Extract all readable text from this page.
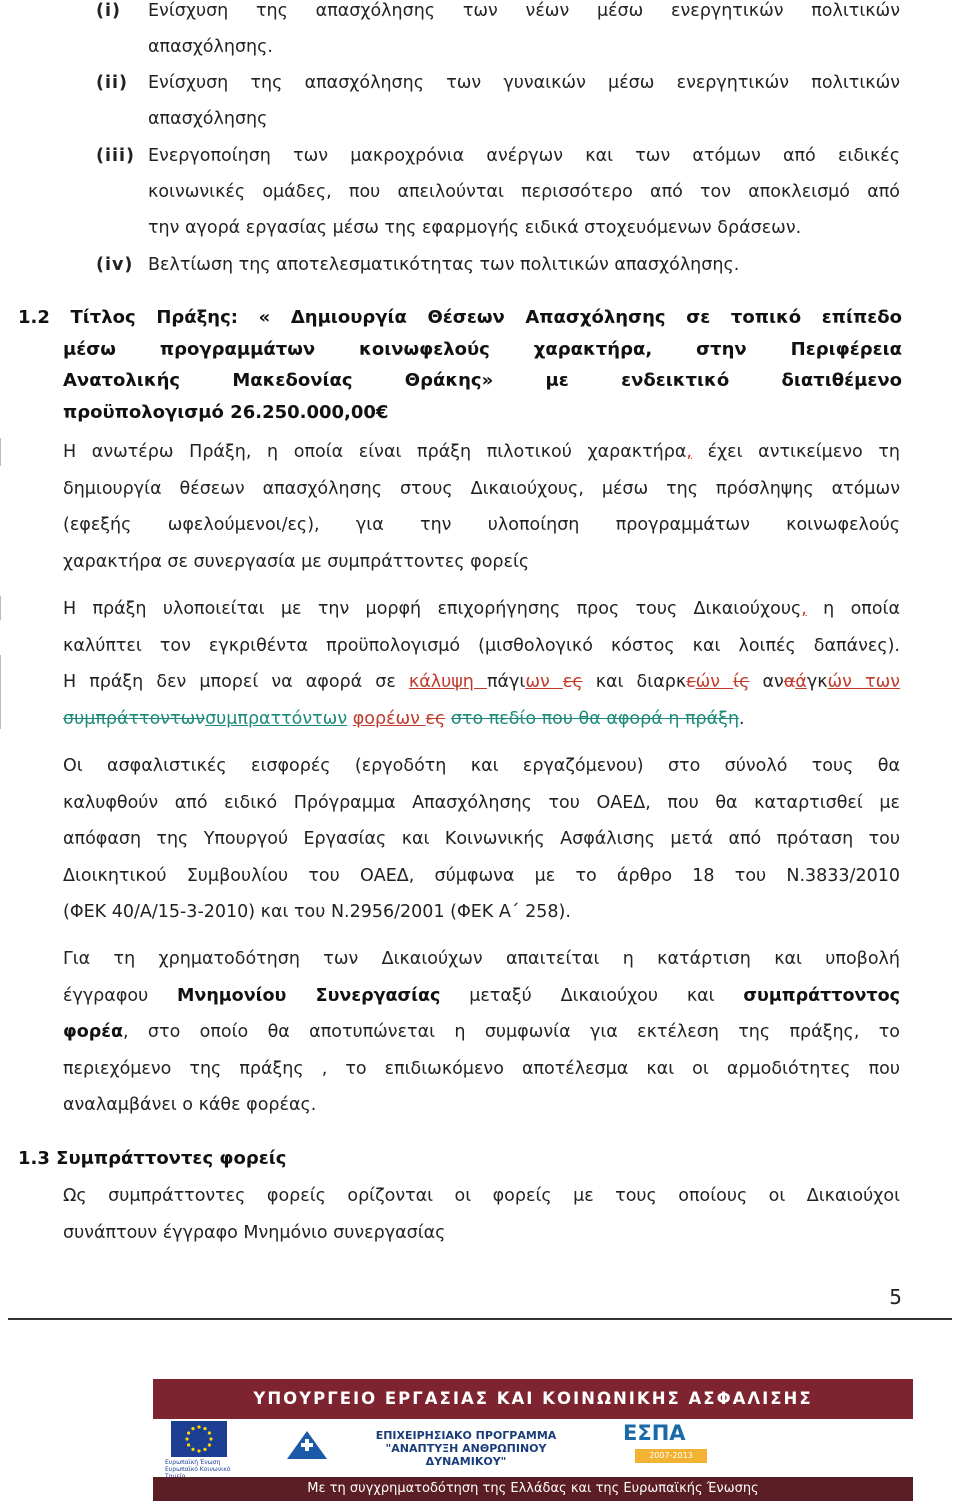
(i) Ενίσχυση της απασχόλησης των νέων μέσω ενεργητικών πολιτικών
απασχόλησης.
(ii) Ενίσχυση της απασχόλησης των γυναικών μέσω ενεργητικών πολιτικών
απασχόλησης
(iii) Ενεργοποίηση των μακροχρόνια ανέργων και των ατόμων από ειδικές
κοινωνικές ομάδες, που απειλούνται περισσότερο από τον αποκλεισμό από
την αγορά εργασίας μέσω της εφαρμογής ειδικά στοχευόμενων δράσεων.
(iv) Βελτίωση της αποτελεσματικότητας των πολιτικών απασχόλησης.
1.2 Τίτλος Πράξης: « Δημιουργία Θέσεων Απασχόλησης σε τοπικό επίπεδο
μέσω προγραμμάτων κοινωφελούς χαρακτήρα, στην Περιφέρεια
Ανατολικής Μακεδονίας Θράκης» με ενδεικτικό διατιθέμενο
προϋπολογισμό 26.250.000,00€
Η ανωτέρω Πράξη, η οποία είναι πράξη πιλοτικού χαρακτήρα, έχει αντικείμενο τη
δημιουργία θέσεων απασχόλησης στους Δικαιούχους, μέσω της πρόσληψης ατόμων
(εφεξής ωφελούμενοι/ες), για την υλοποίηση προγραμμάτων κοινωφελούς
χαρακτήρα σε συνεργασία με συμπράττοντες φορείς
Η πράξη υλοποιείται με την μορφή επιχορήγησης προς τους Δικαιούχους, η οποία
καλύπτει τον εγκριθέντα προϋπολογισμό (μισθολογικό κόστος και λοιπές δαπάνες).
Η πράξη δεν μπορεί να αφορά σε κάλυψη πάγιων ες και διαρκεών ίς αναάγκών των
συμπράττοντωνσυμπραττόντων φορέων ες στο πεδίο που θα αφορά η πράξη.
Οι ασφαλιστικές εισφορές (εργοδότη και εργαζόμενου) στο σύνολό τους θα
καλυφθούν από ειδικό Πρόγραμμα Απασχόλησης του ΟΑΕΔ, που θα καταρτισθεί με
απόφαση της Υπουργού Εργασίας και Κοινωνικής Ασφάλισης μετά από πρόταση του
Διοικητικού Συμβουλίου του ΟΑΕΔ, σύμφωνα με το άρθρο 18 του Ν.3833/2010
(ΦΕΚ 40/Α/15-3-2010) και του Ν.2956/2001 (ΦΕΚ Α΄ 258).
Για τη χρηματοδότηση των Δικαιούχων απαιτείται η κατάρτιση και υποβολή
έγγραφου Μνημονίου Συνεργασίας μεταξύ Δικαιούχου και συμπράττοντος
φορέα, στο οποίο θα αποτυπώνεται η συμφωνία για εκτέλεση της πράξης, το
περιεχόμενο της πράξης , το επιδιωκόμενο αποτέλεσμα και οι αρμοδιότητες που
αναλαμβάνει ο κάθε φορέας.
1.3 Συμπράττοντες φορείς
Ως συμπράττοντες φορείς ορίζονται οι φορείς με τους οποίους οι Δικαιούχοι
συνάπτουν έγγραφο Μνημόνιο συνεργασίας
5
ΥΠΟΥΡΓΕΙΟ ΕΡΓΑΣΙΑΣ ΚΑΙ ΚΟΙΝΩΝΙΚΗΣ ΑΣΦΑΛΙΣΗΣ
Ευρωπαϊκή Ένωση Ευρωπαϊκό Κοινωνικό
ΕΠΙΧΕΙΡΗΣΙΑΚΟ ΠΡΟΓΡΑΜΜΑ
"ΑΝΑΠΤΥΞΗ ΑΝΘΡΩΠΙΝΟΥ ΔΥΝΑΜΙΚΟΥ"
ΕΣΠΑ
2007-2013
Με τη συγχρηματοδότηση της Ελλάδας και της Ευρωπαϊκής Ένωσης
